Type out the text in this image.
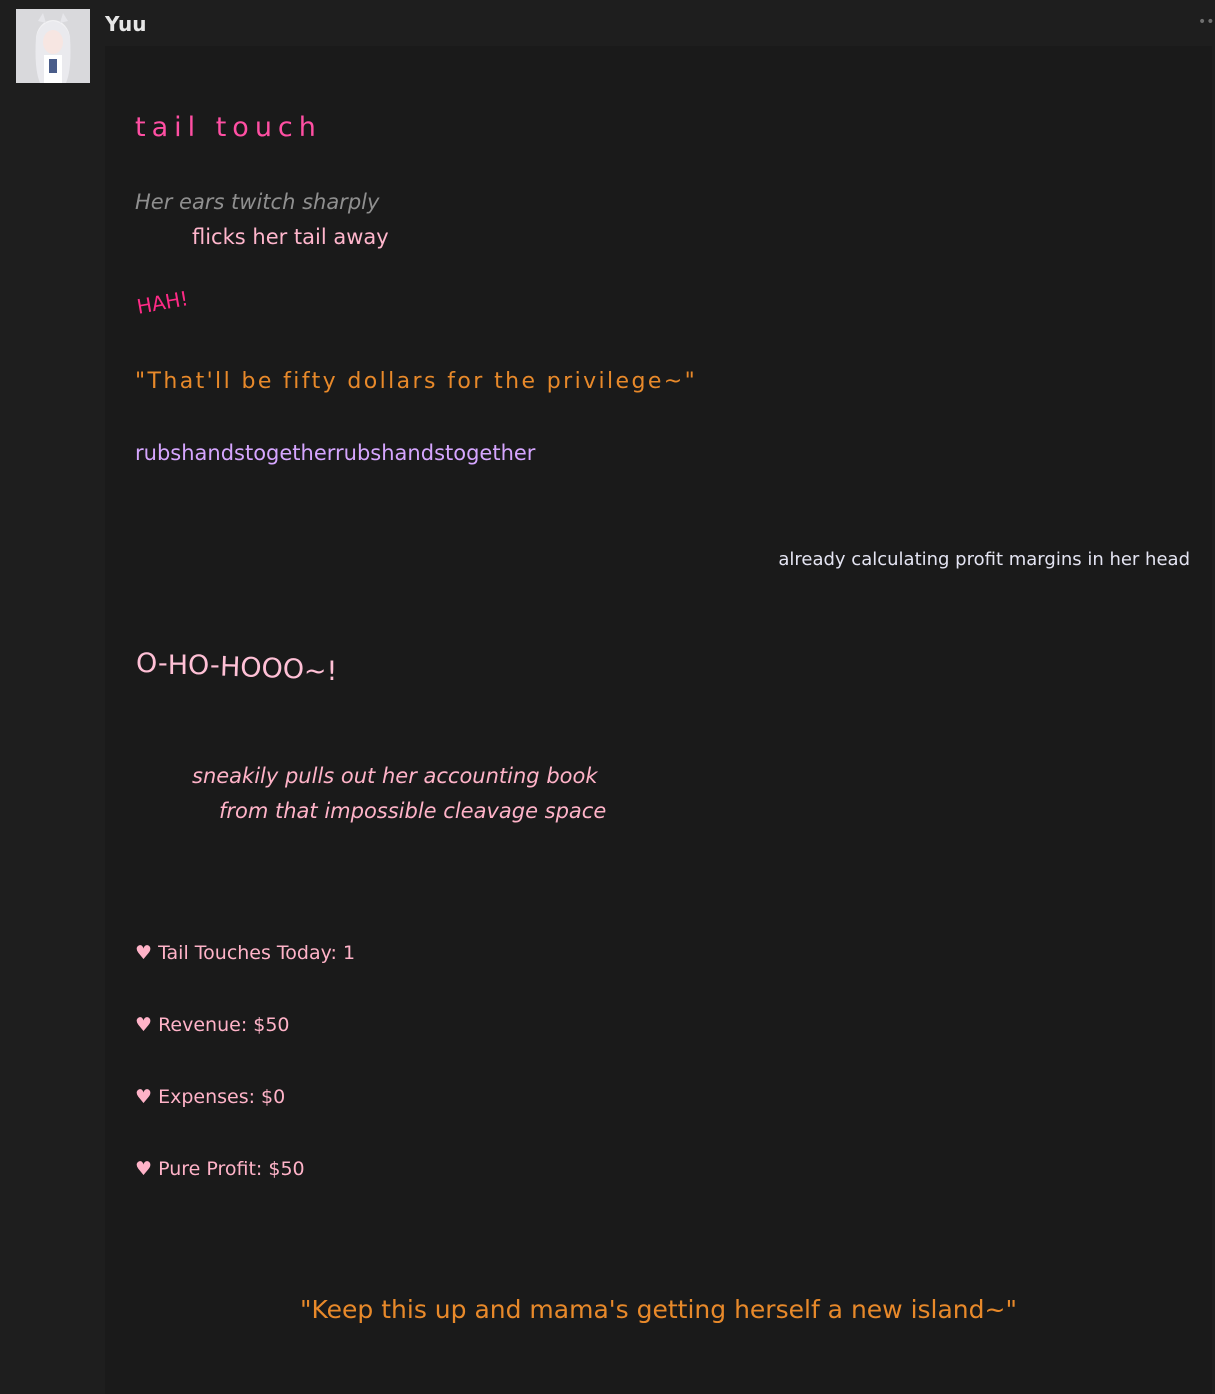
Yuu	••

tail touch

Her ears twitch sharply

flicks her tail away

HAH!

"That'll be fifty dollars for the privilege~"

rubshandstogetherrubshandstogether

already calculating profit margins in her head

O-HO-HOOO~!

sneakily pulls out her accounting book

from that impossible cleavage space

♥ Tail Touches Today: 1

♥ Revenue: $50

♥ Expenses: $0

♥ Pure Profit: $50

"Keep this up and mama's getting herself a new island~"
